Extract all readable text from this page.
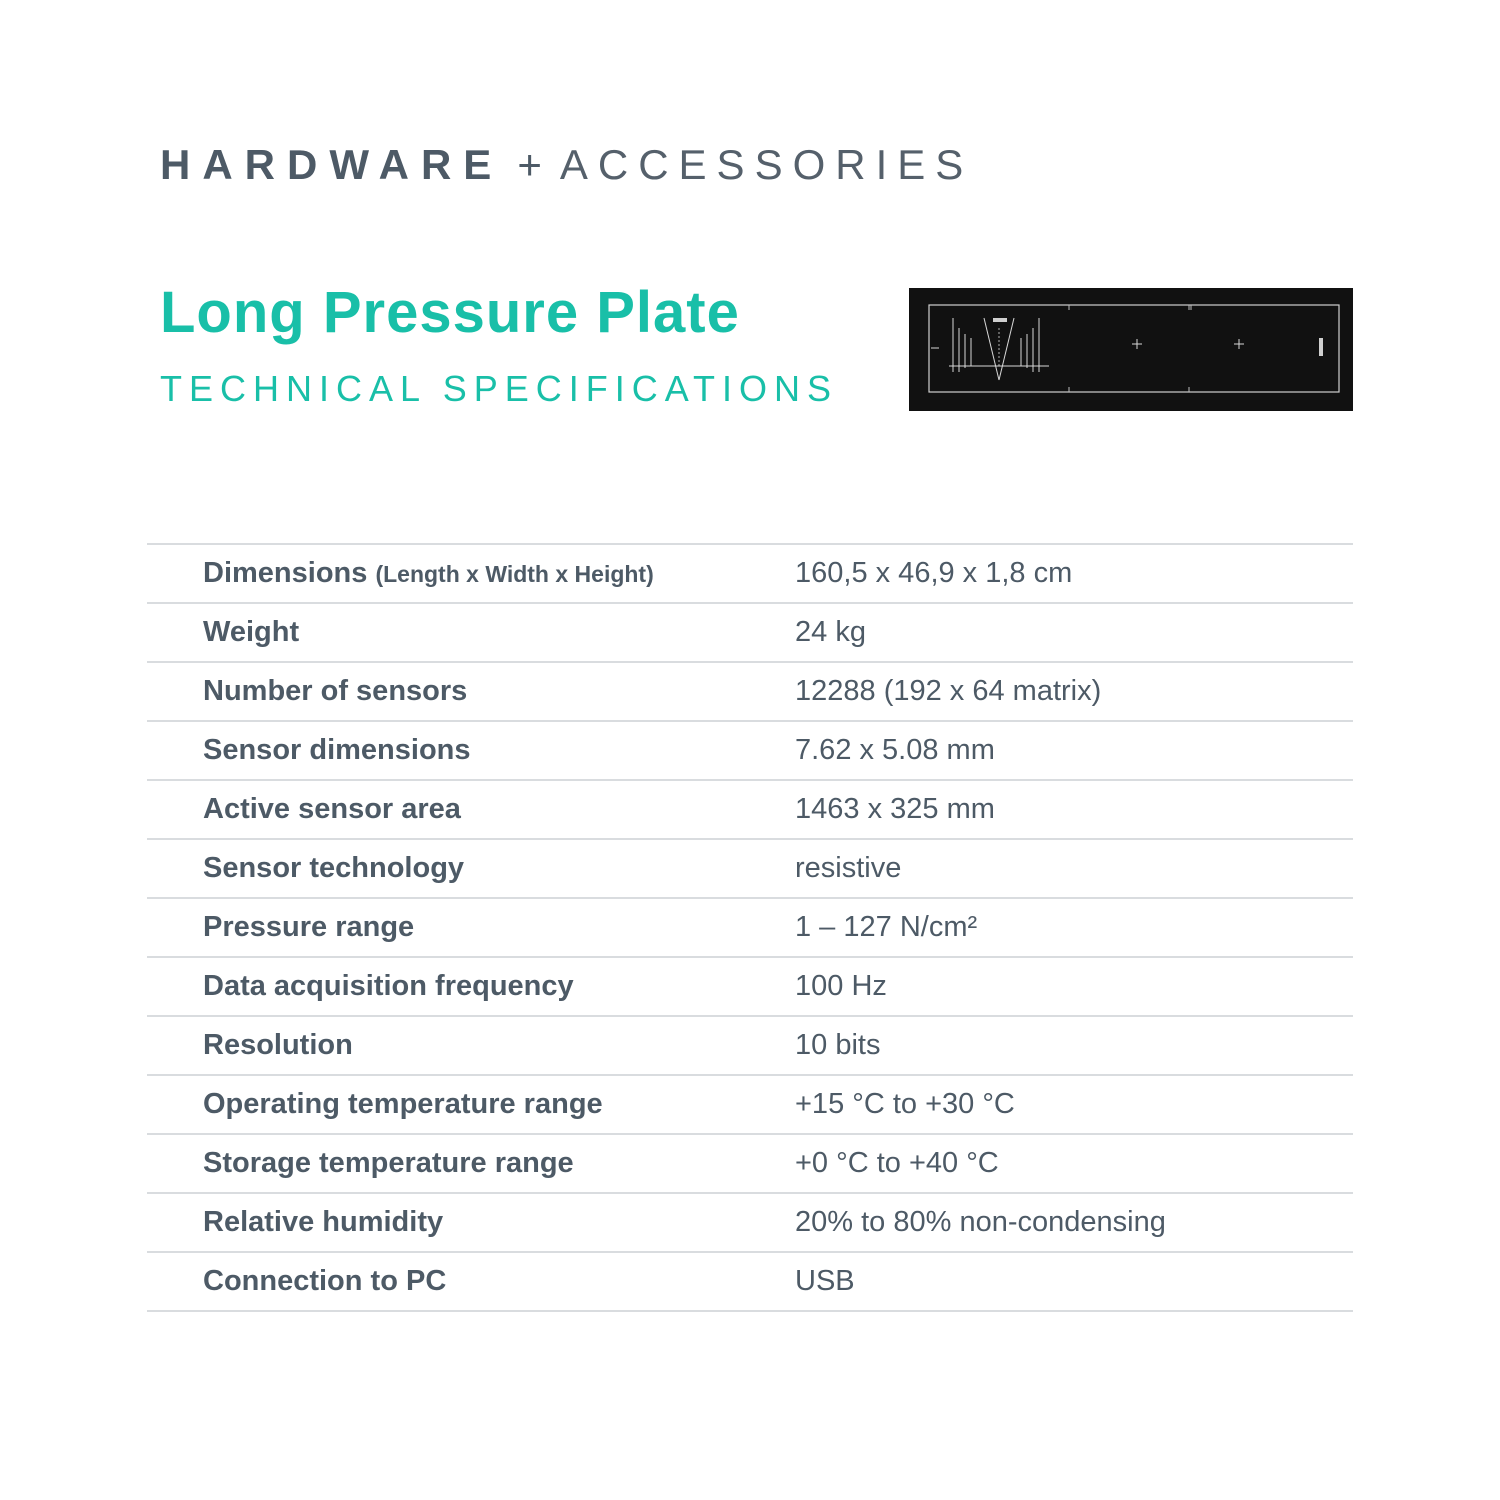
HARDWARE + ACCESSORIES
Long Pressure Plate
TECHNICAL SPECIFICATIONS
Dimensions (Length x Width x Height)	160,5 x 46,9 x 1,8 cm
Weight	24 kg
Number of sensors	12288 (192 x 64 matrix)
Sensor dimensions	7.62 x 5.08 mm
Active sensor area	1463 x 325 mm
Sensor technology	resistive
Pressure range	1 – 127 N/cm²
Data acquisition frequency	100 Hz
Resolution	10 bits
Operating temperature range	+15 °C to +30 °C
Storage temperature range	+0 °C to +40 °C
Relative humidity	20% to 80% non-condensing
Connection to PC	USB
